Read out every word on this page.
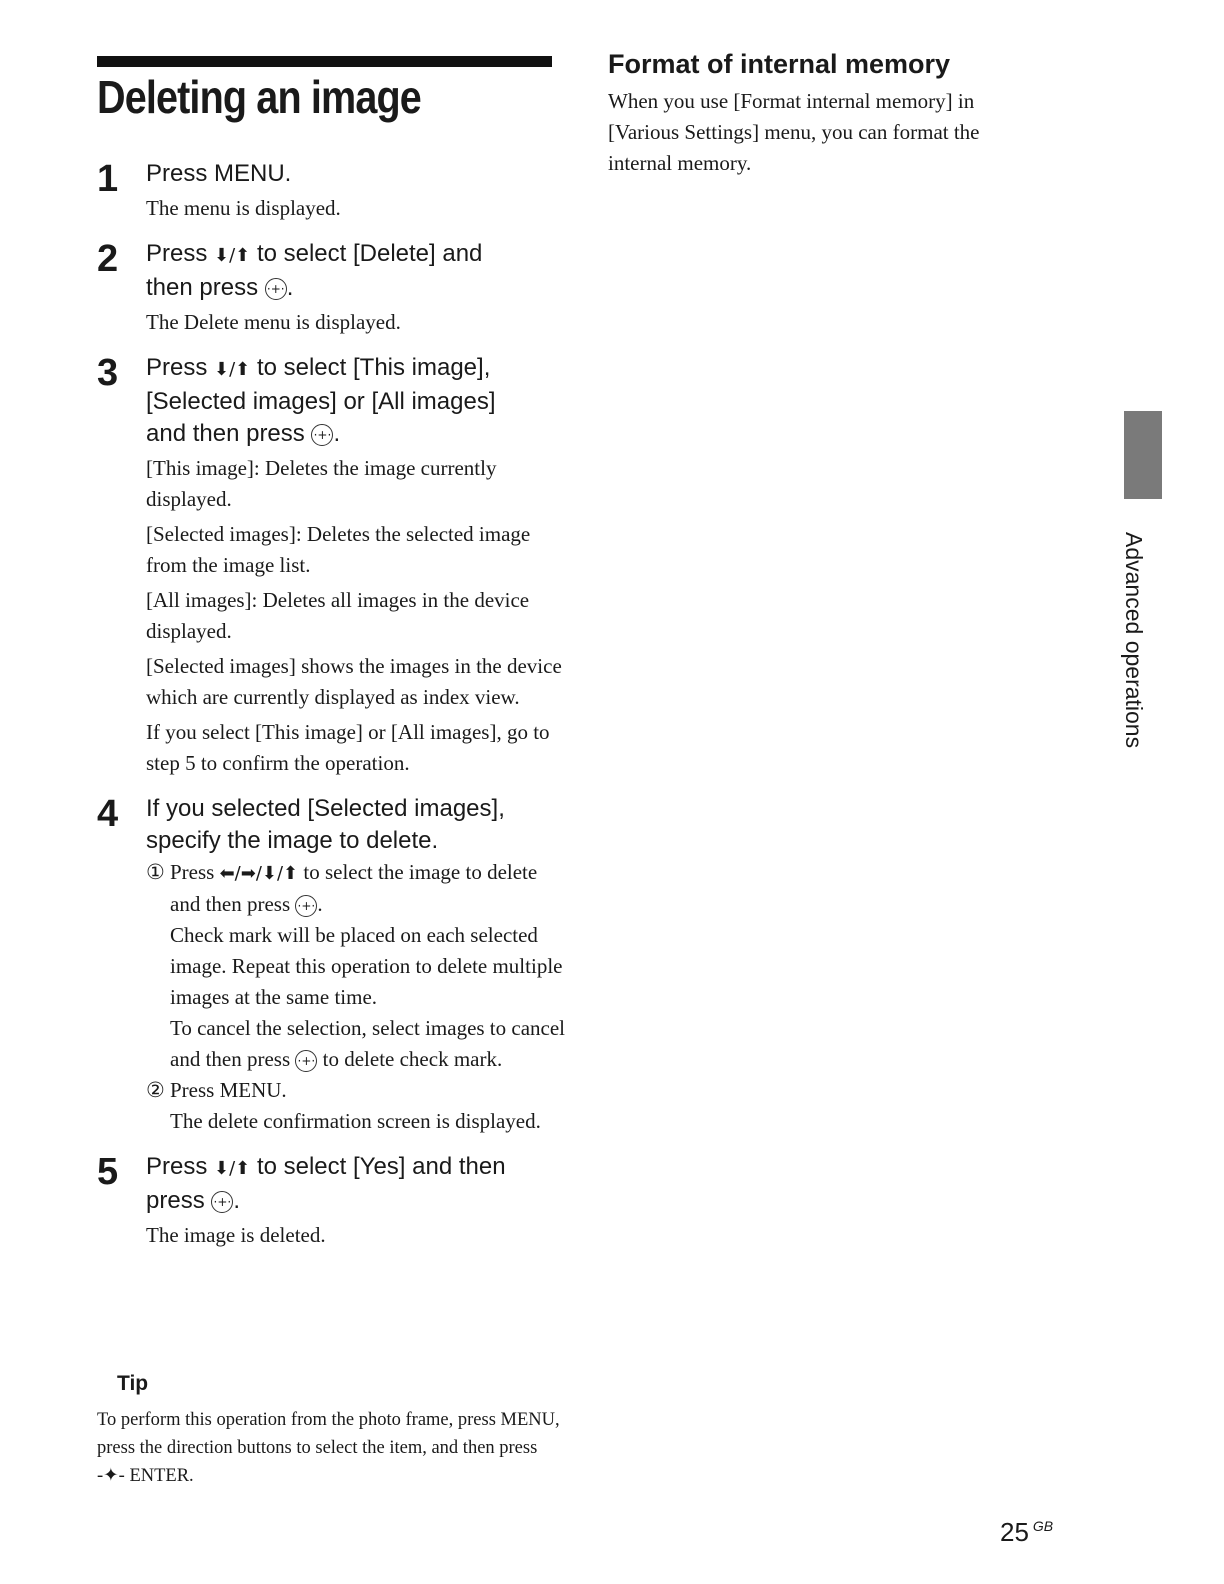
Deleting an image
1 Press MENU.
The menu is displayed.
2 Press ⬇/⬆ to select [Delete] and
then press ·+·.
The Delete menu is displayed.
3 Press ⬇/⬆ to select [This image],
[Selected images] or [All images]
and then press ·+·.
[This image]: Deletes the image currently displayed.
[Selected images]: Deletes the selected image from the image list.
[All images]: Deletes all images in the device displayed.
[Selected images] shows the images in the device which are currently displayed as index view.
If you select [This image] or [All images], go to step 5 to confirm the operation.
4 If you selected [Selected images],
specify the image to delete.
① Press ⬅/➡/⬇/⬆ to select the image to delete and then press ·+· .
Check mark will be placed on each selected image. Repeat this operation to delete multiple images at the same time.
To cancel the selection, select images to cancel and then press ·+· to delete check mark.
② Press MENU.
The delete confirmation screen is displayed.
5 Press ⬇/⬆ to select [Yes] and then
press ·+·.
The image is deleted.
Tip
To perform this operation from the photo frame, press MENU, press the direction buttons to select the item, and then press -✦- ENTER.
Format of internal memory
When you use [Format internal memory] in [Various Settings] menu, you can format the internal memory.
Advanced operations
25 $^{GB}$
